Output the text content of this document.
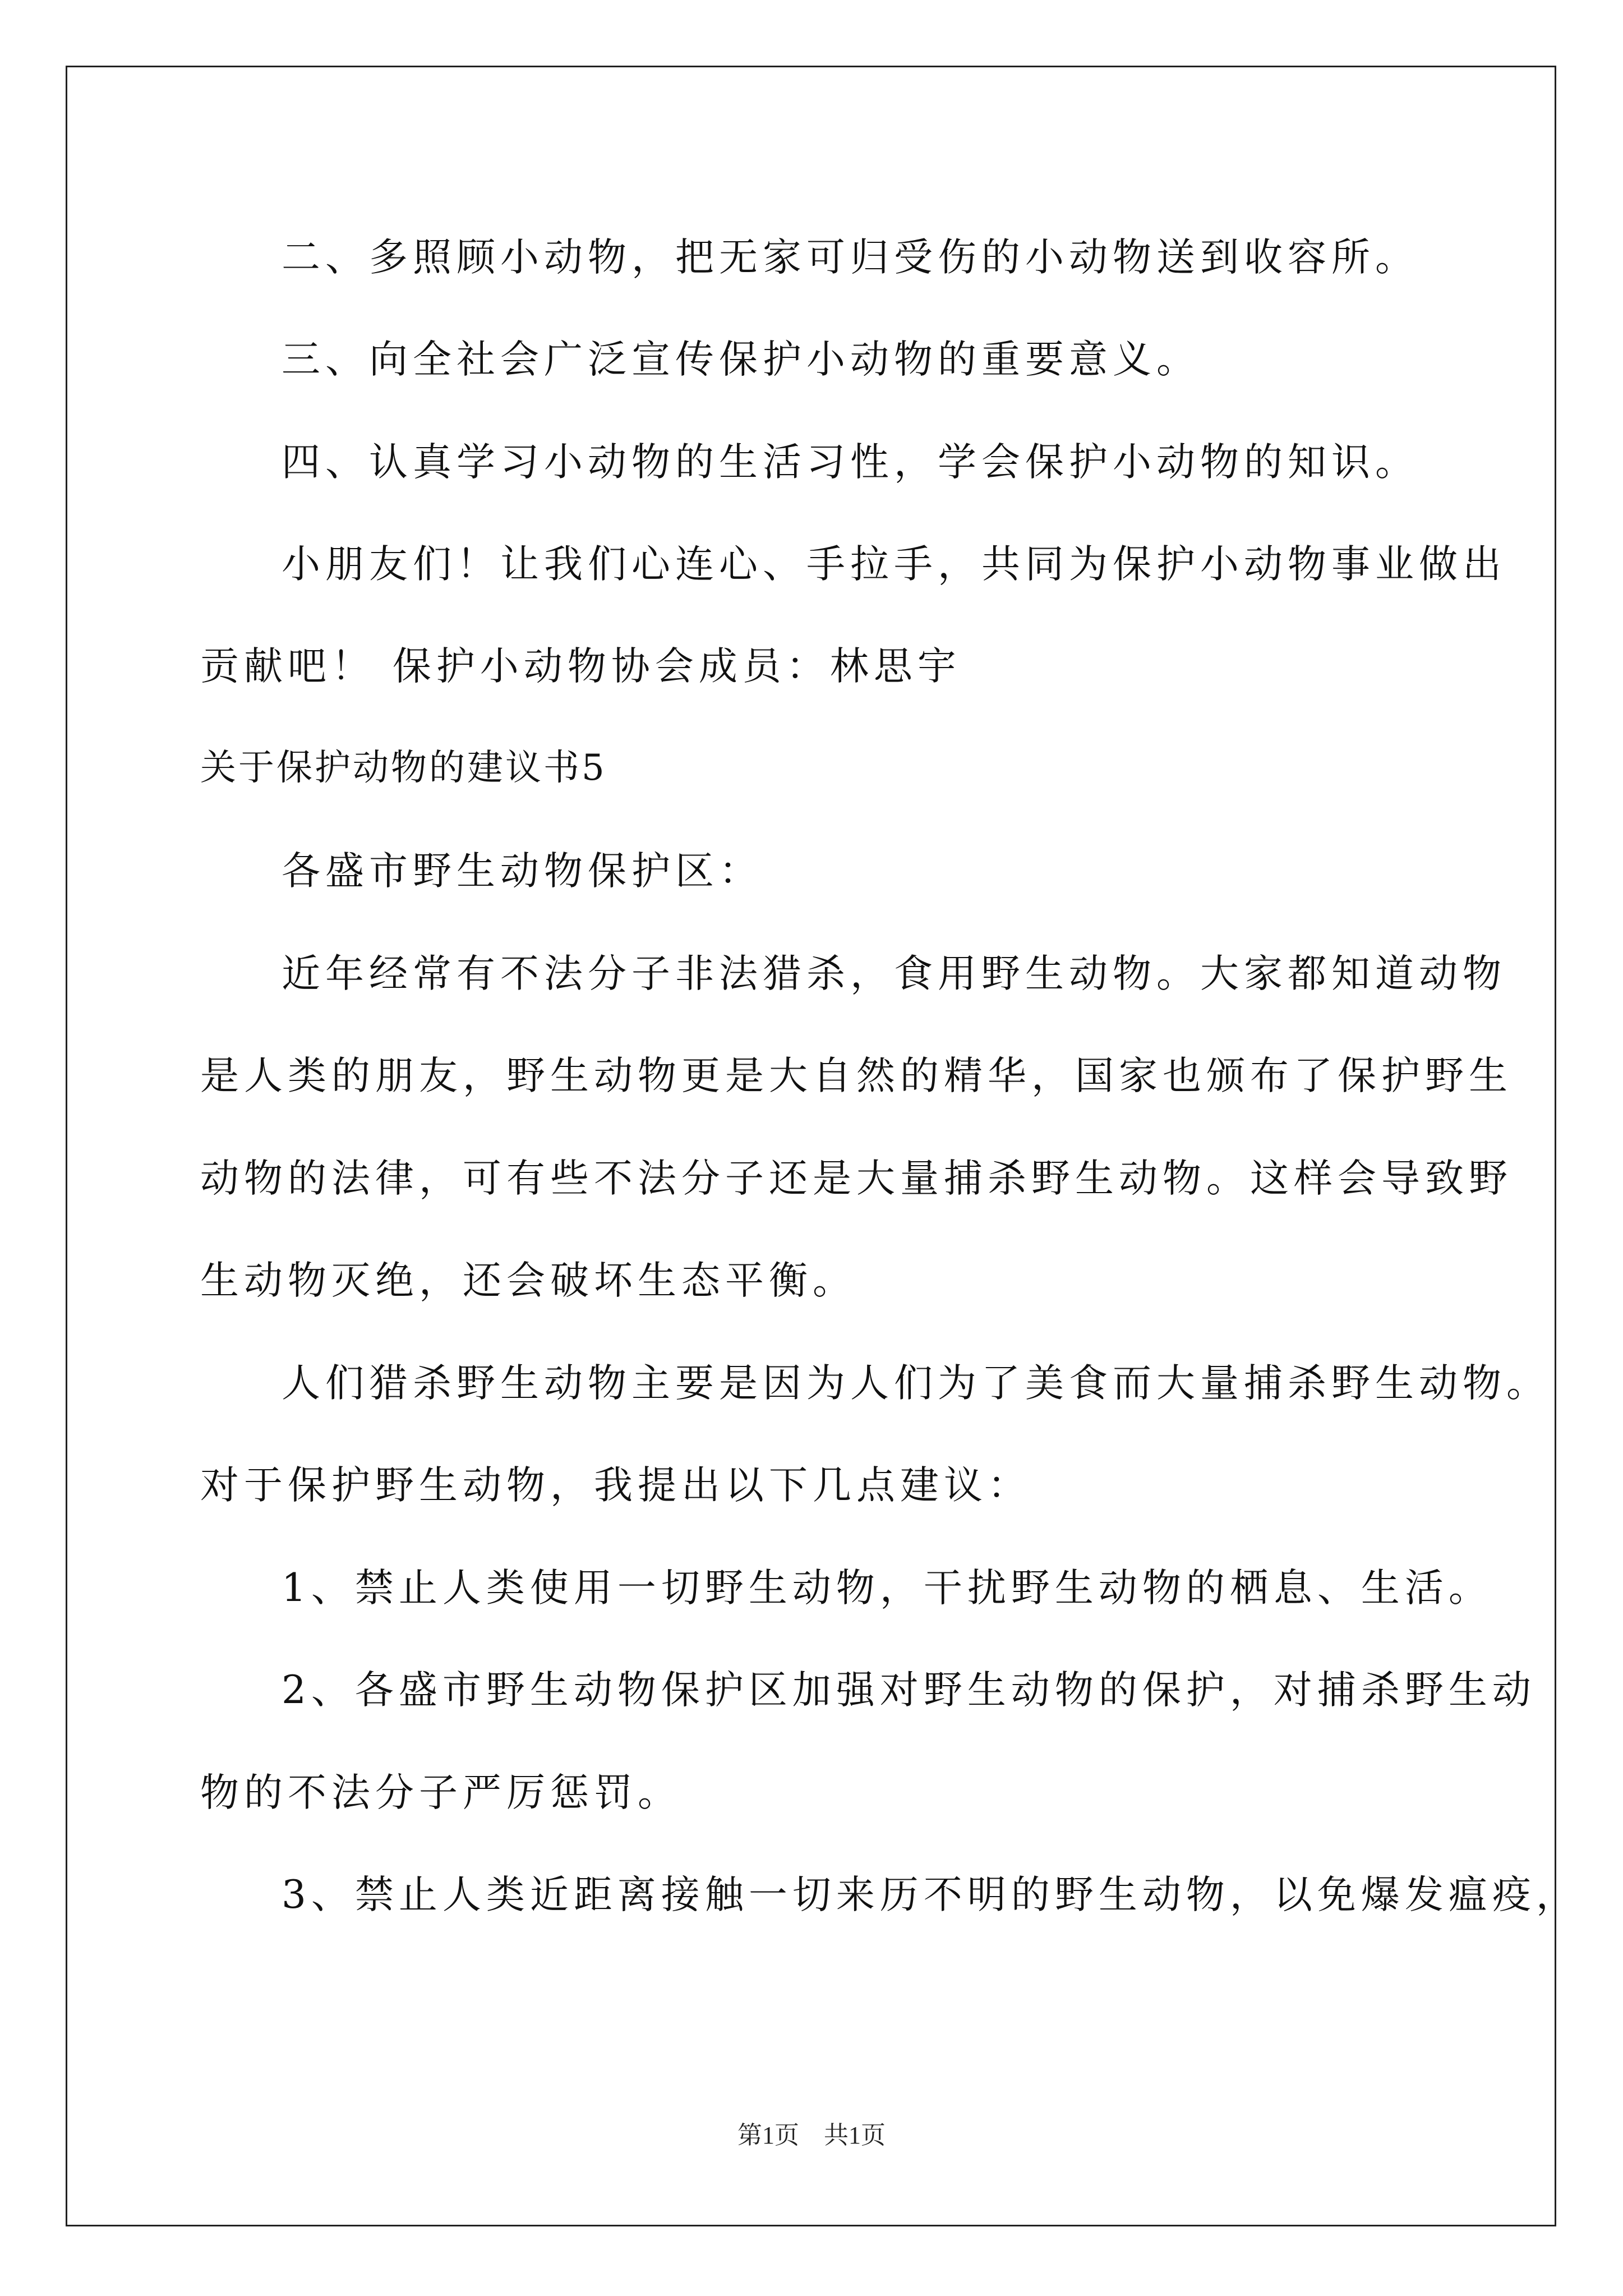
二、多照顾小动物，把无家可归受伤的小动物送到收容所。

三、向全社会广泛宣传保护小动物的重要意义。

四、认真学习小动物的生活习性，学会保护小动物的知识。

小朋友们！让我们心连心、手拉手，共同为保护小动物事业做出

贡献吧！ 保护小动物协会成员：林思宇

关于保护动物的建议书5

各盛市野生动物保护区：

近年经常有不法分子非法猎杀，食用野生动物。大家都知道动物

是人类的朋友，野生动物更是大自然的精华，国家也颁布了保护野生

动物的法律，可有些不法分子还是大量捕杀野生动物。这样会导致野

生动物灭绝，还会破坏生态平衡。

人们猎杀野生动物主要是因为人们为了美食而大量捕杀野生动物。

对于保护野生动物，我提出以下几点建议：

1、禁止人类使用一切野生动物，干扰野生动物的栖息、生活。

2、各盛市野生动物保护区加强对野生动物的保护，对捕杀野生动

物的不法分子严厉惩罚。

3、禁止人类近距离接触一切来历不明的野生动物，以免爆发瘟疫，

第1页　共1页
